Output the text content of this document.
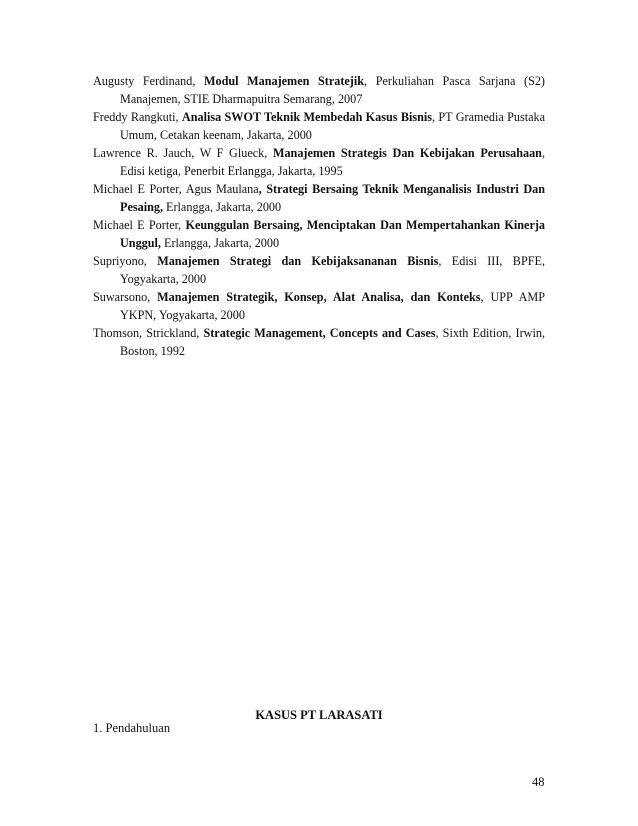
Augusty Ferdinand, Modul Manajemen Stratejik, Perkuliahan Pasca Sarjana (S2) Manajemen, STIE Dharmapuitra Semarang, 2007

Freddy Rangkuti, Analisa SWOT Teknik Membedah Kasus Bisnis, PT Gramedia Pustaka Umum, Cetakan keenam, Jakarta, 2000

Lawrence R. Jauch, W F Glueck, Manajemen Strategis Dan Kebijakan Perusahaan, Edisi ketiga, Penerbit Erlangga, Jakarta, 1995

Michael E Porter, Agus Maulana, Strategi Bersaing Teknik Menganalisis Industri Dan Pesaing, Erlangga, Jakarta, 2000

Michael E Porter, Keunggulan Bersaing, Menciptakan Dan Mempertahankan Kinerja Unggul, Erlangga, Jakarta, 2000

Supriyono, Manajemen Strategi dan Kebijaksananan Bisnis, Edisi III, BPFE, Yogyakarta, 2000

Suwarsono, Manajemen Strategik, Konsep, Alat Analisa, dan Konteks, UPP AMP YKPN, Yogyakarta, 2000

Thomson, Strickland, Strategic Management, Concepts and Cases, Sixth Edition, Irwin, Boston, 1992

KASUS PT LARASATI
1. Pendahuluan
48
